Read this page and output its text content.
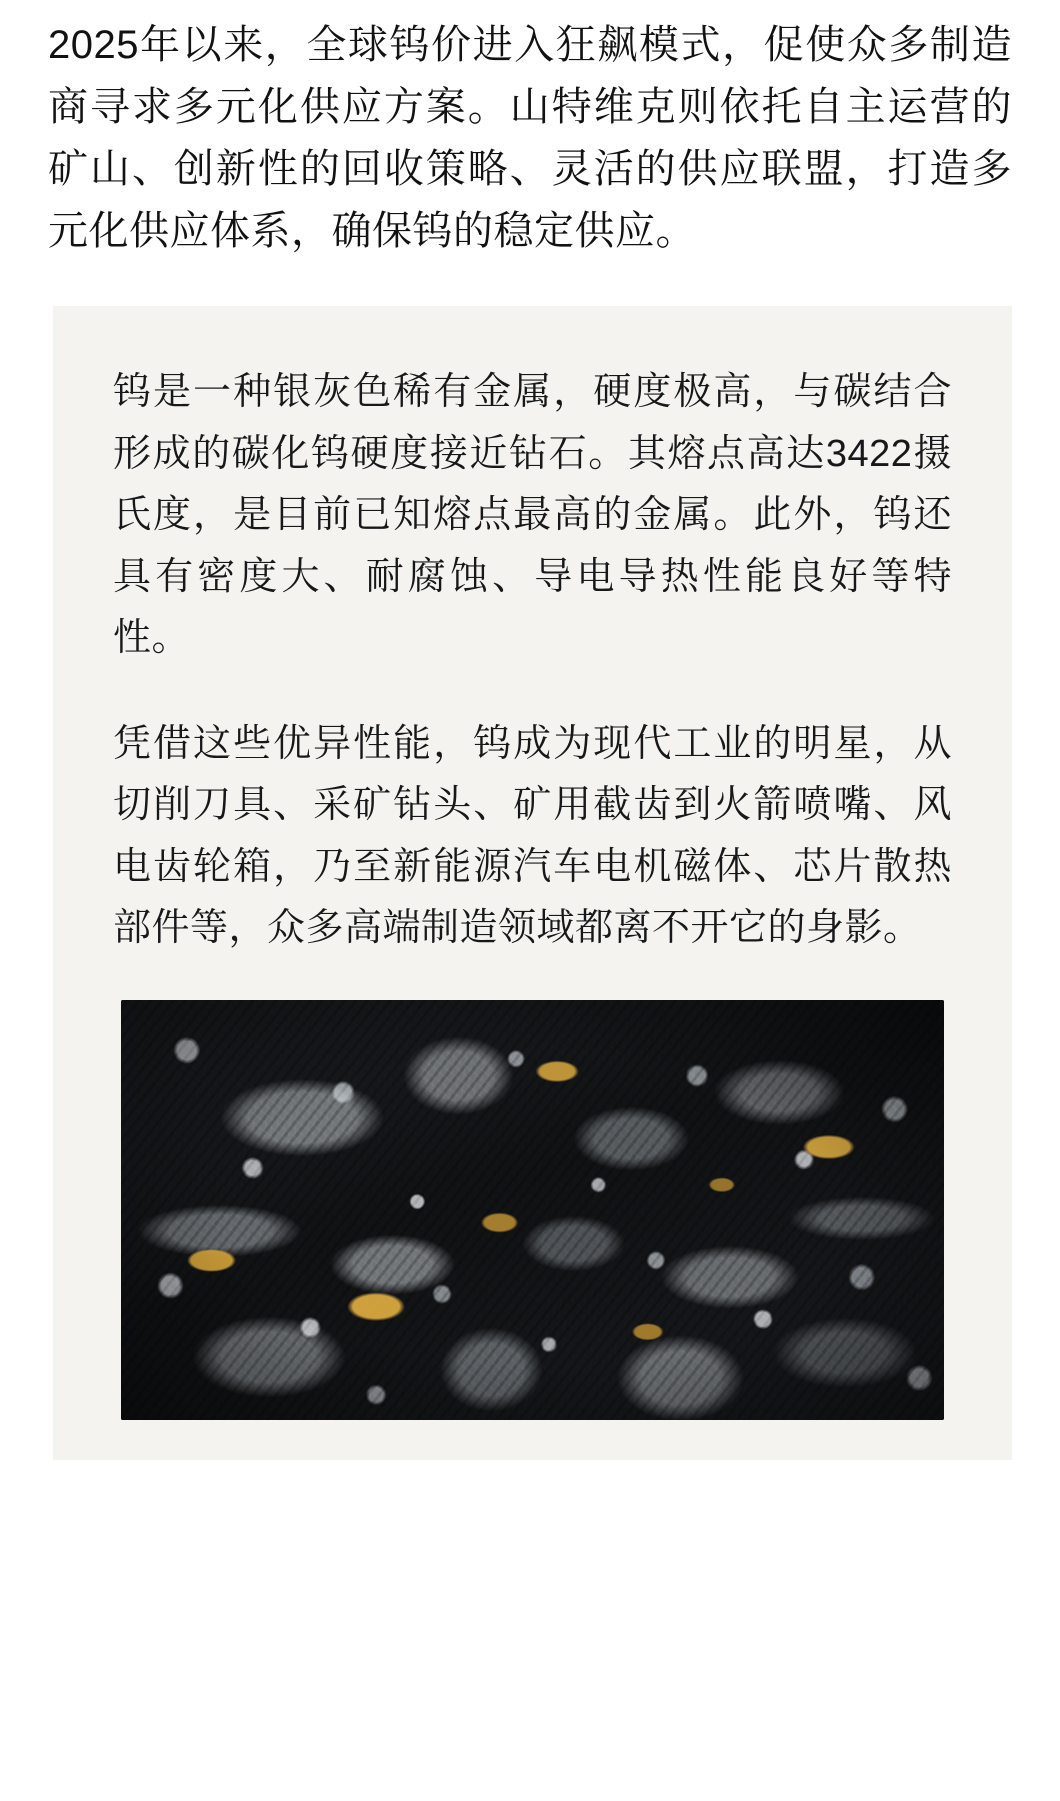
2025年以来，全球钨价进入狂飙模式，促使众多制造商寻求多元化供应方案。山特维克则依托自主运营的矿山、创新性的回收策略、灵活的供应联盟，打造多元化供应体系，确保钨的稳定供应。

钨是一种银灰色稀有金属，硬度极高，与碳结合形成的碳化钨硬度接近钻石。其熔点高达3422摄氏度，是目前已知熔点最高的金属。此外，钨还具有密度大、耐腐蚀、导电导热性能良好等特性。

凭借这些优异性能，钨成为现代工业的明星，从切削刀具、采矿钻头、矿用截齿到火箭喷嘴、风电齿轮箱，乃至新能源汽车电机磁体、芯片散热部件等，众多高端制造领域都离不开它的身影。
